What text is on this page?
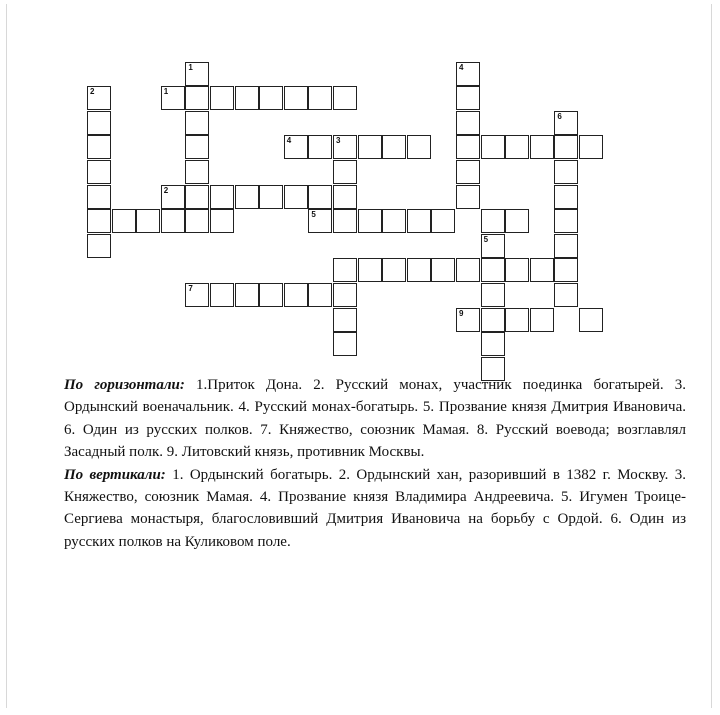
1	4
2	1
6
4	3
2
5
5
7
9

По горизонтали: 1.Приток Дона. 2. Русский монах, участник поединка богатырей. 3. Ордынский военачальник. 4. Русский монах-богатырь. 5. Прозвание князя Дмитрия Ивановича. 6. Один из русских полков. 7. Княжество, союзник Мамая. 8. Русский воевода; возглавлял Засадный полк. 9. Литовский князь, противник Москвы.

По вертикали: 1. Ордынский богатырь. 2. Ордынский хан, разоривший в 1382 г. Москву. 3. Княжество, союзник Мамая. 4. Прозвание князя Владимира Андреевича. 5. Игумен Троице-Сергиева монастыря, благословивший Дмитрия Ивановича на борьбу с Ордой. 6. Один из русских полков на Куликовом поле.
